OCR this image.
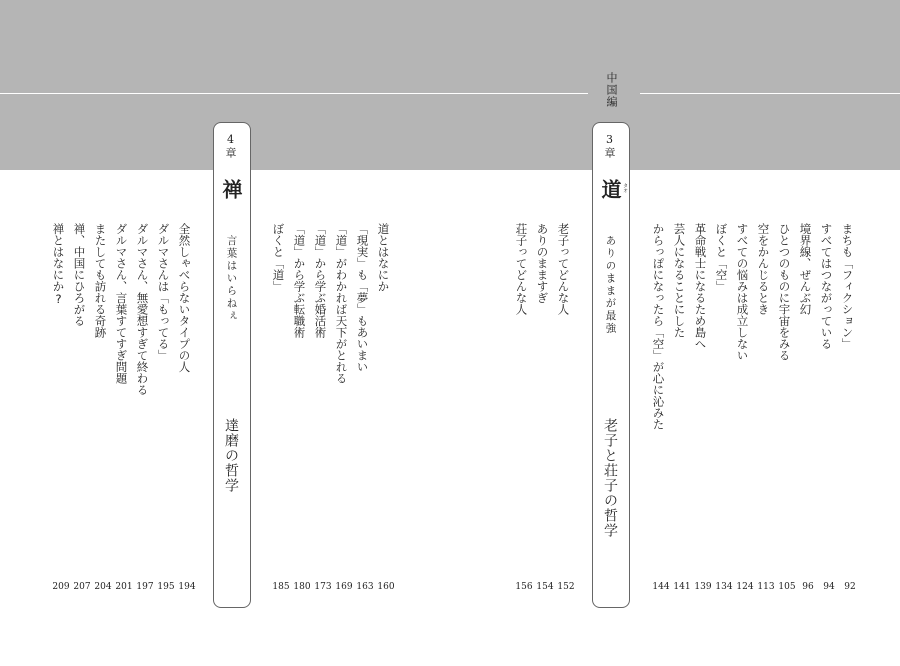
中国編
3
章
道 タオ
ありのままが最強
老子と荘子の哲学
4
章
禅
言葉はいらねぇ
達磨の哲学
まちも「フィクション」
すべてはつながっている
境界線、ぜんぶ幻
ひとつのものに宇宙をみる
空をかんじるとき
すべての悩みは成立しない
ぼくと「空」
革命戦士になるため島へ
芸人になることにした
からっぽになったら「空」が心に沁みた
92
94
96
105
113
124
134
139
141
144
老子ってどんな人
ありのまますぎ
荘子ってどんな人
152
154
156
道とはなにか
「現実」も「夢」もあいまい
「道」がわかれば天下がとれる
「道」から学ぶ婚活術
「道」から学ぶ転職術
ぼくと「道」
160
163
169
173
180
185
全然しゃべらないタイプの人
ダルマさんは「もってる」
ダルマさん、無愛想すぎて終わる
ダルマさん、言葉すてすぎ問題
またしても訪れる奇跡
禅、中国にひろがる
禅とはなにか?
194
195
197
201
204
207
209
